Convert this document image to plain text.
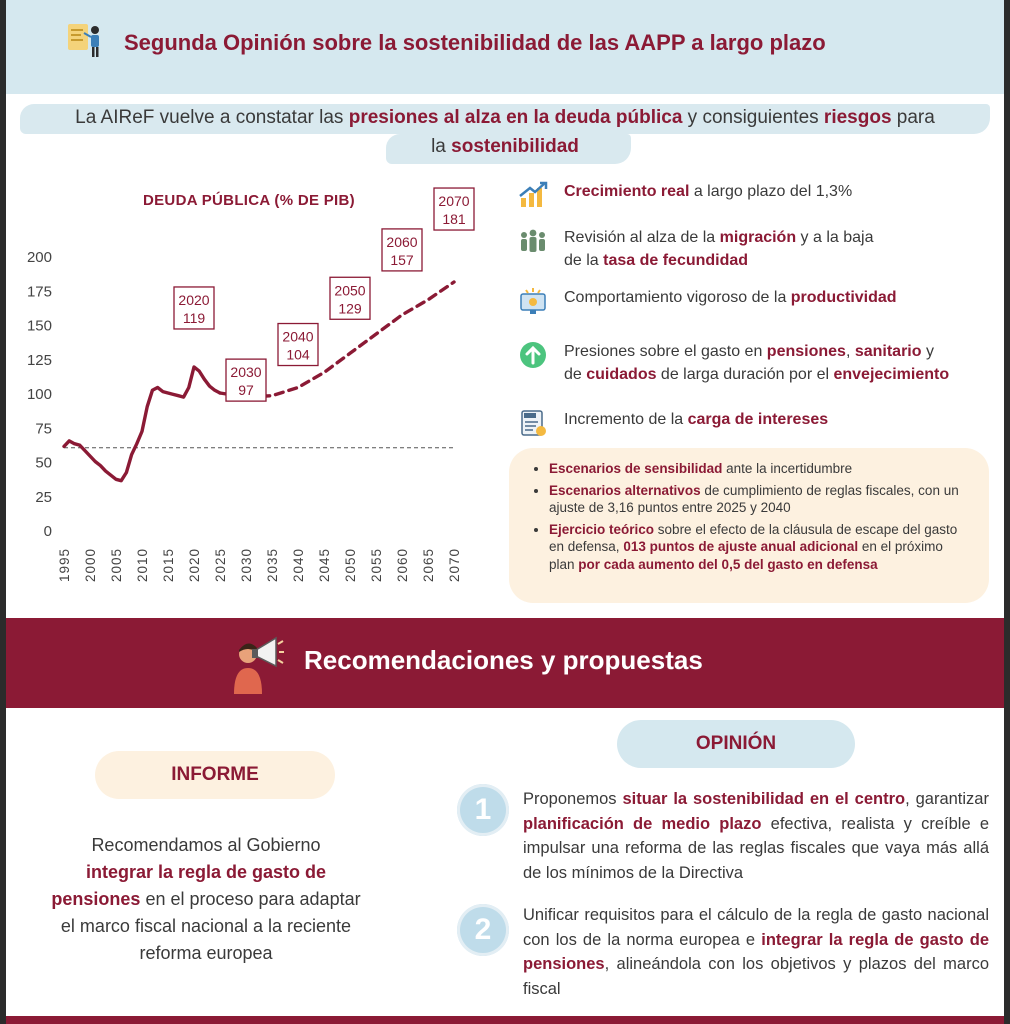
Segunda Opinión sobre la sostenibilidad de las AAPP a largo plazo
La AIReF vuelve a constatar las presiones al alza en la deuda pública y consiguientes riesgos para
la sostenibilidad
DEUDA PÚBLICA (% DE PIB)
200
175
150
125
100
75
50
25
0
1995 2000 2005 2010 2015 2020 2025 2030 2035 2040 2045 2050 2055 2060 2065 2070
2020
119
2030
97
2040
104
2050
129
2060
157
2070
181
Crecimiento real a largo plazo del 1,3%
Revisión al alza de la migración y a la baja
de la tasa de fecundidad
Comportamiento vigoroso de la productividad
Presiones sobre el gasto en pensiones, sanitario y
de cuidados de larga duración por el envejecimiento
Incremento de la carga de intereses
• Escenarios de sensibilidad ante la incertidumbre
• Escenarios alternativos de cumplimiento de reglas fiscales, con un ajuste de 3,16 puntos entre 2025 y 2040
• Ejercicio teórico sobre el efecto de la cláusula de escape del gasto en defensa, 013 puntos de ajuste anual adicional en el próximo plan por cada aumento del 0,5 del gasto en defensa
Recomendaciones y propuestas
INFORME
Recomendamos al Gobierno
integrar la regla de gasto de pensiones en el proceso para adaptar el marco fiscal nacional a la reciente reforma europea
OPINIÓN
1	Proponemos situar la sostenibilidad en el centro, garantizar planificación de medio plazo efectiva, realista y creíble e impulsar una reforma de las reglas fiscales que vaya más allá de los mínimos de la Directiva
2	Unificar requisitos para el cálculo de la regla de gasto nacional con los de la norma europea e integrar la regla de gasto de pensiones, alineándola con los objetivos y plazos del marco fiscal
